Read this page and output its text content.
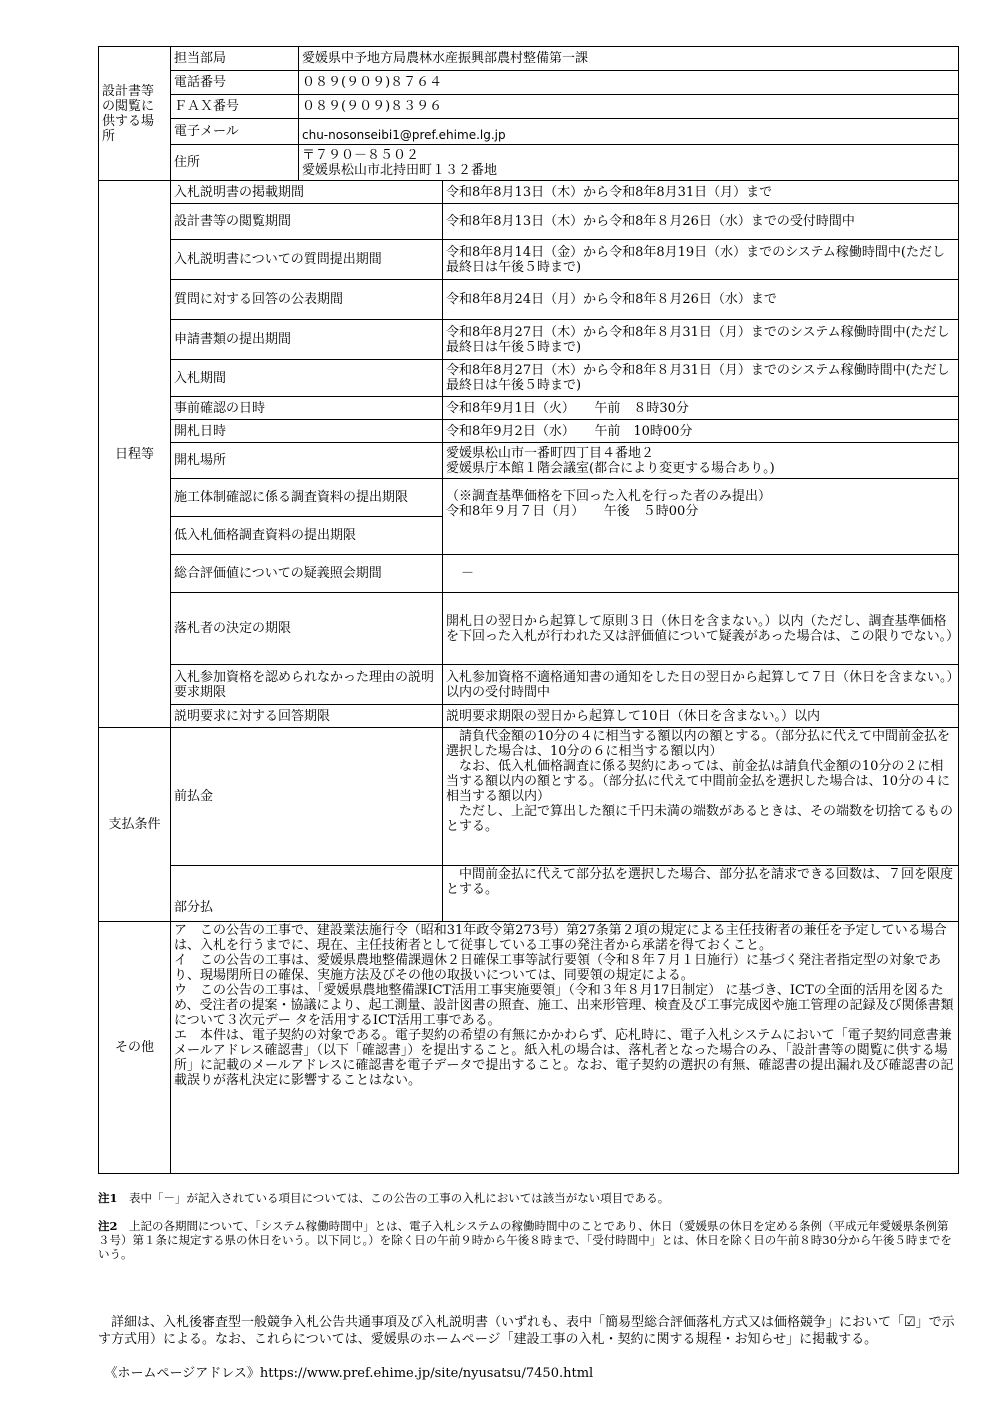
設計書等
の閲覧に
供する場
所	担当部局	愛媛県中予地方局農林水産振興部農村整備第一課	
	電話番号	０８９(９０９)８７６４	
	ＦＡＸ番号	０８９(９０９)８３９６	
	電子メール	chu-nosonseibi1@pref.ehime.lg.jp	
	住所	〒７９０－８５０２
愛媛県松山市北持田町１３２番地	
日程等	入札説明書の掲載期間		令和8年8月13日（木）から令和8年8月31日（月）まで
	設計書等の閲覧期間		令和8年8月13日（木）から令和8年８月26日（水）までの受付時間中
	入札説明書についての質問提出期間		令和8年8月14日（金）から令和8年8月19日（水）までのシステム稼働時間中(ただし最終日は午後５時まで)
	質問に対する回答の公表期間		令和8年8月24日（月）から令和8年８月26日（水）まで
	申請書類の提出期間		令和8年8月27日（木）から令和8年８月31日（月）までのシステム稼働時間中(ただし最終日は午後５時まで)
	入札期間		令和8年8月27日（木）から令和8年８月31日（月）までのシステム稼働時間中(ただし最終日は午後５時まで)
	事前確認の日時		令和8年9月1日（火）　　午前　８時30分
	開札日時		令和8年9月2日（水）　　午前　10時00分
	開札場所		愛媛県松山市一番町四丁目４番地２
愛媛県庁本館１階会議室(都合により変更する場合あり。)
	施工体制確認に係る調査資料の提出期限		（※調査基準価格を下回った入札を行った者のみ提出）
令和8年９月７日（月）　　午後　５時00分
	低入札価格調査資料の提出期限		
	総合評価値についての疑義照会期間		－
	落札者の決定の期限		開札日の翌日から起算して原則３日（休日を含まない。）以内（ただし、調査基準価格を下回った入札が行われた又は評価値について疑義があった場合は、この限りでない。）
	入札参加資格を認められなかった理由の説明要求期限		入札参加資格不適格通知書の通知をした日の翌日から起算して７日（休日を含まない。）以内の受付時間中
	説明要求に対する回答期限		説明要求期限の翌日から起算して10日（休日を含まない。）以内
支払条件	前払金		　請負代金額の10分の４に相当する額以内の額とする。（部分払に代えて中間前金払を選択した場合は、10分の６に相当する額以内）
　なお、低入札価格調査に係る契約にあっては、前金払は請負代金額の10分の２に相当する額以内の額とする。（部分払に代えて中間前金払を選択した場合は、10分の４に相当する額以内）
　ただし、上記で算出した額に千円未満の端数があるときは、その端数を切捨てるものとする。
	部分払		　中間前金払に代えて部分払を選択した場合、部分払を請求できる回数は、７回を限度とする。
その他	ア　この公告の工事で、建設業法施行令（昭和31年政令第273号）第27条第２項の規定による主任技術者の兼任を予定している場合は、入札を行うまでに、現在、主任技術者として従事している工事の発注者から承諾を得ておくこと。
イ　この公告の工事は、愛媛県農地整備課週休２日確保工事等試行要領（令和８年７月１日施行）に基づく発注者指定型の対象であり、現場閉所日の確保、実施方法及びその他の取扱いについては、同要領の規定による。
ウ　この公告の工事は、「愛媛県農地整備課ICT活用工事実施要領」（令和３年８月17日制定） に基づき、ICTの全面的活用を図るため、受注者の提案・協議により、起工測量、設計図書の照査、施工、出来形管理、検査及び工事完成図や施工管理の記録及び関係書類について３次元デー タを活用するICT活用工事である。
エ　本件は、電子契約の対象である。電子契約の希望の有無にかかわらず、応札時に、電子入札システムにおいて「電子契約同意書兼メールアドレス確認書」（以下「確認書」）を提出すること。紙入札の場合は、落札者となった場合のみ、「設計書等の閲覧に供する場所」に記載のメールアドレスに確認書を電子データで提出すること。なお、電子契約の選択の有無、確認書の提出漏れ及び確認書の記載誤りが落札決定に影響することはない。		

注1　 表中「－」が記入されている項目については、この公告の工事の入札においては該当がない項目である。

注2　 上記の各期間について、「システム稼働時間中」とは、電子入札システムの稼働時間中のことであり、休日（愛媛県の休日を定める条例（平成元年愛媛県条例第３号）第１条に規定する県の休日をいう。以下同じ。）を除く日の午前９時から午後８時まで、「受付時間中」とは、休日を除く日の午前８時30分から午後５時までをいう。

　詳細は、入札後審査型一般競争入札公告共通事項及び入札説明書（いずれも、表中「簡易型総合評価落札方式又は価格競争」において「☑」で示す方式用）による。なお、これらについては、愛媛県のホームページ「建設工事の入札・契約に関する規程・お知らせ」に掲載する。

　《ホームページアドレス》https://www.pref.ehime.jp/site/nyusatsu/7450.html
